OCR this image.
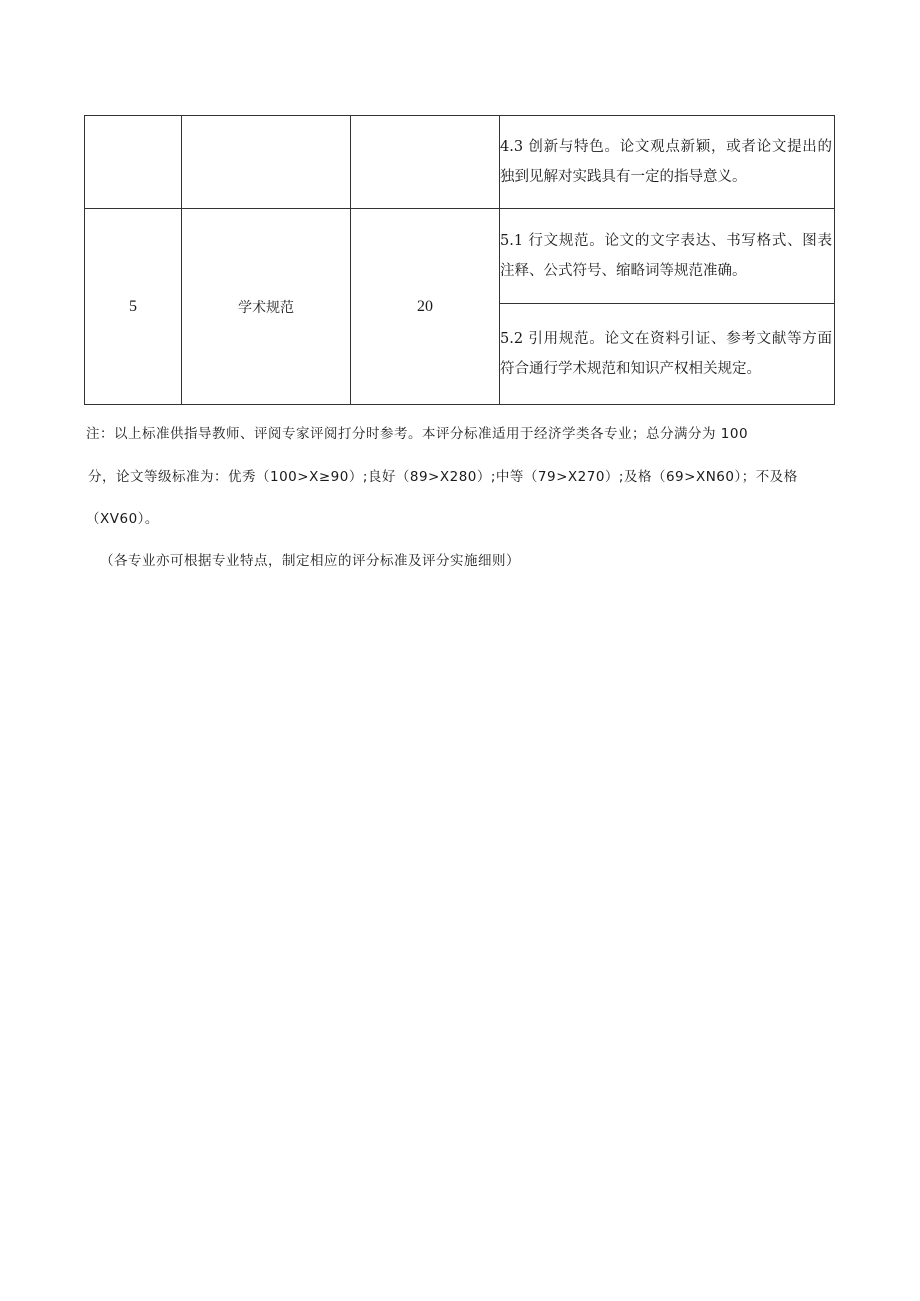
			4.3 创新与特色。论文观点新颖，或者论文提出的独到见解对实践具有一定的指导意义。

5	学术规范	20	5.1 行文规范。论文的文字表达、书写格式、图表注释、公式符号、缩略词等规范准确。

			5.2 引用规范。论文在资料引证、参考文献等方面符合通行学术规范和知识产权相关规定。

注：以上标准供指导教师、评阅专家评阅打分时参考。本评分标准适用于经济学类各专业；总分满分为 100

分，论文等级标准为：优秀（100>X≥90）;良好（89>X280）;中等（79>X270）;及格（69>XN60）；不及格

（XV60）。

（各专业亦可根据专业特点，制定相应的评分标准及评分实施细则）
